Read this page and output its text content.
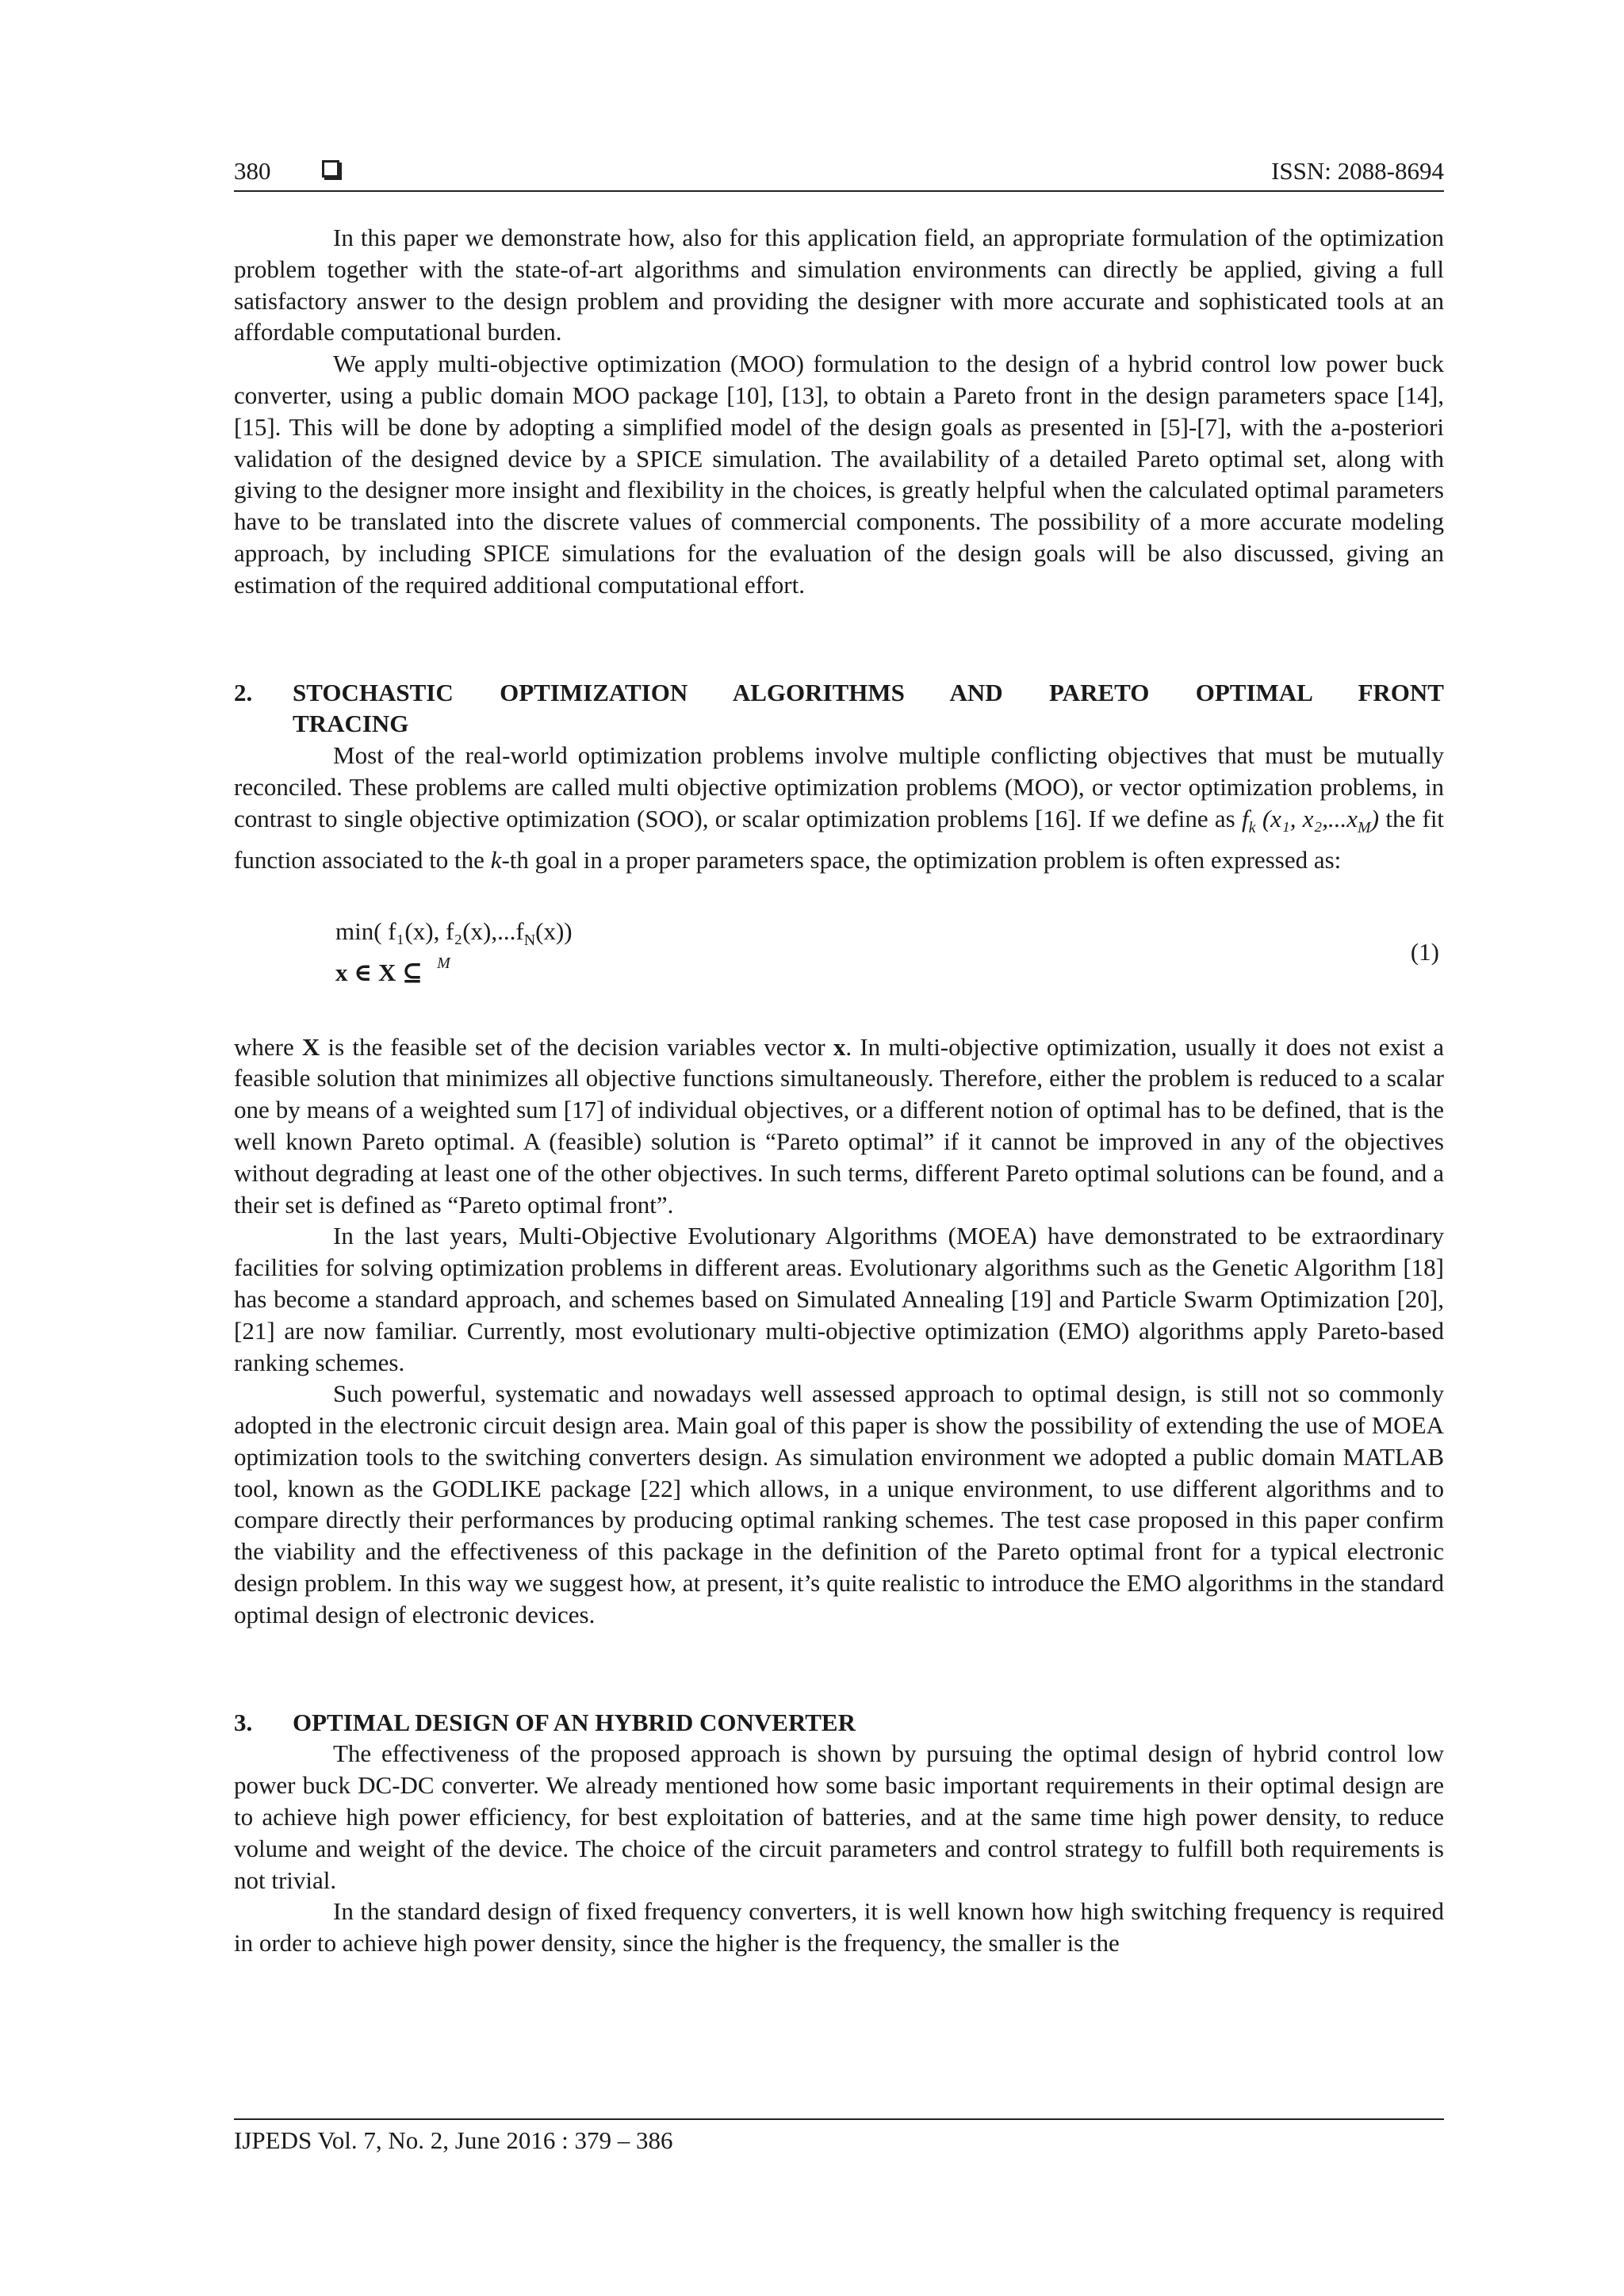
380	ISSN: 2088-8694

In this paper we demonstrate how, also for this application field, an appropriate formulation of the optimization problem together with the state-of-art algorithms and simulation environments can directly be applied, giving a full satisfactory answer to the design problem and providing the designer with more accurate and sophisticated tools at an affordable computational burden.

We apply multi-objective optimization (MOO) formulation to the design of a hybrid control low power buck converter, using a public domain MOO package [10], [13], to obtain a Pareto front in the design parameters space [14], [15]. This will be done by adopting a simplified model of the design goals as presented in [5]-[7], with the a-posteriori validation of the designed device by a SPICE simulation. The availability of a detailed Pareto optimal set, along with giving to the designer more insight and flexibility in the choices, is greatly helpful when the calculated optimal parameters have to be translated into the discrete values of commercial components. The possibility of a more accurate modeling approach, by including SPICE simulations for the evaluation of the design goals will be also discussed, giving an estimation of the required additional computational effort.

2.	STOCHASTIC OPTIMIZATION ALGORITHMS AND PARETO OPTIMAL FRONT
TRACING

Most of the real-world optimization problems involve multiple conflicting objectives that must be mutually reconciled. These problems are called multi objective optimization problems (MOO), or vector optimization problems, in contrast to single objective optimization (SOO), or scalar optimization problems [16]. If we define as $f_k$ (x₁, $x_2,...x_M$) the fit function associated to the k-th goal in a proper parameters space, the optimization problem is often expressed as:

min( f₁(x), $f_2(x),...f_N(x)$)
x ∈ X ⊆ $^M$	(1)

where X is the feasible set of the decision variables vector x. In multi-objective optimization, usually it does not exist a feasible solution that minimizes all objective functions simultaneously. Therefore, either the problem is reduced to a scalar one by means of a weighted sum [17] of individual objectives, or a different notion of optimal has to be defined, that is the well known Pareto optimal. A (feasible) solution is “Pareto optimal” if it cannot be improved in any of the objectives without degrading at least one of the other objectives. In such terms, different Pareto optimal solutions can be found, and a their set is defined as “Pareto optimal front”.

In the last years, Multi-Objective Evolutionary Algorithms (MOEA) have demonstrated to be extraordinary facilities for solving optimization problems in different areas. Evolutionary algorithms such as the Genetic Algorithm [18] has become a standard approach, and schemes based on Simulated Annealing [19] and Particle Swarm Optimization [20], [21] are now familiar. Currently, most evolutionary multi-objective optimization (EMO) algorithms apply Pareto-based ranking schemes.

Such powerful, systematic and nowadays well assessed approach to optimal design, is still not so commonly adopted in the electronic circuit design area. Main goal of this paper is show the possibility of extending the use of MOEA optimization tools to the switching converters design. As simulation environment we adopted a public domain MATLAB tool, known as the GODLIKE package [22] which allows, in a unique environment, to use different algorithms and to compare directly their performances by producing optimal ranking schemes. The test case proposed in this paper confirm the viability and the effectiveness of this package in the definition of the Pareto optimal front for a typical electronic design problem. In this way we suggest how, at present, it’s quite realistic to introduce the EMO algorithms in the standard optimal design of electronic devices.

3.	OPTIMAL DESIGN OF AN HYBRID CONVERTER

The effectiveness of the proposed approach is shown by pursuing the optimal design of hybrid control low power buck DC-DC converter. We already mentioned how some basic important requirements in their optimal design are to achieve high power efficiency, for best exploitation of batteries, and at the same time high power density, to reduce volume and weight of the device. The choice of the circuit parameters and control strategy to fulfill both requirements is not trivial.

In the standard design of fixed frequency converters, it is well known how high switching frequency is required in order to achieve high power density, since the higher is the frequency, the smaller is the

IJPEDS Vol. 7, No. 2, June 2016 : 379 – 386
